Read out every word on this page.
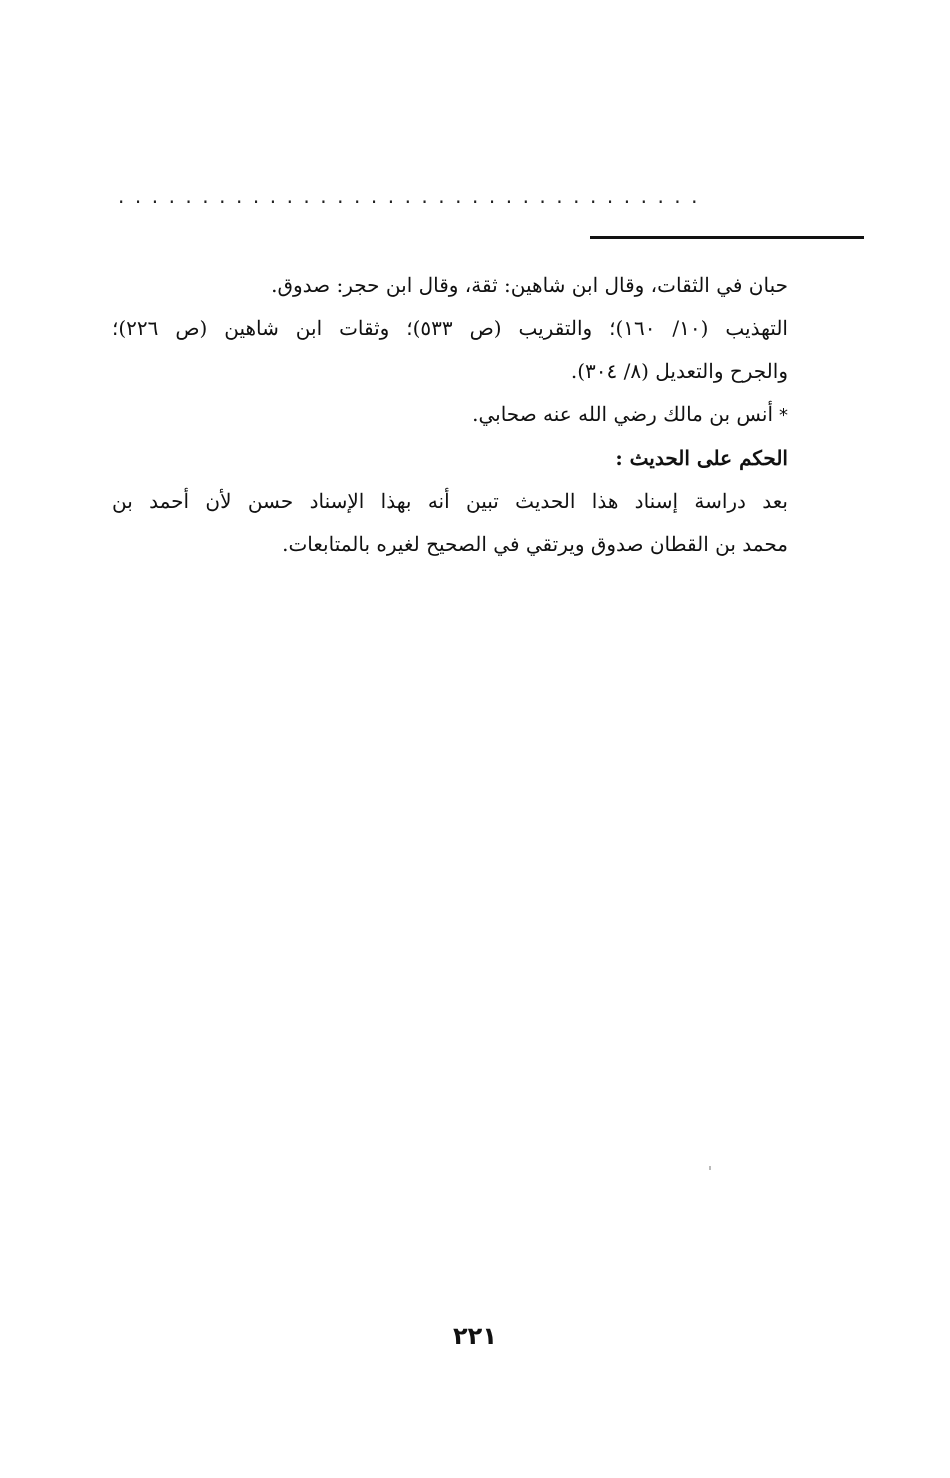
...................................

حبان في الثقات، وقال ابن شاهين: ثقة، وقال ابن حجر: صدوق.

التهذيب (١٠/ ١٦٠)؛ والتقريب (ص ٥٣٣)؛ وثقات ابن شاهين (ص ٢٢٦)؛

والجرح والتعديل (٨/ ٣٠٤).

*أنس بن مالك رضي الله عنه صحابي.

الحكم على الحديث :

بعد دراسة إسناد هذا الحديث تبين أنه بهذا الإسناد حسن لأن أحمد بن

محمد بن القطان صدوق ويرتقي في الصحيح لغيره بالمتابعات.

٢٢١
